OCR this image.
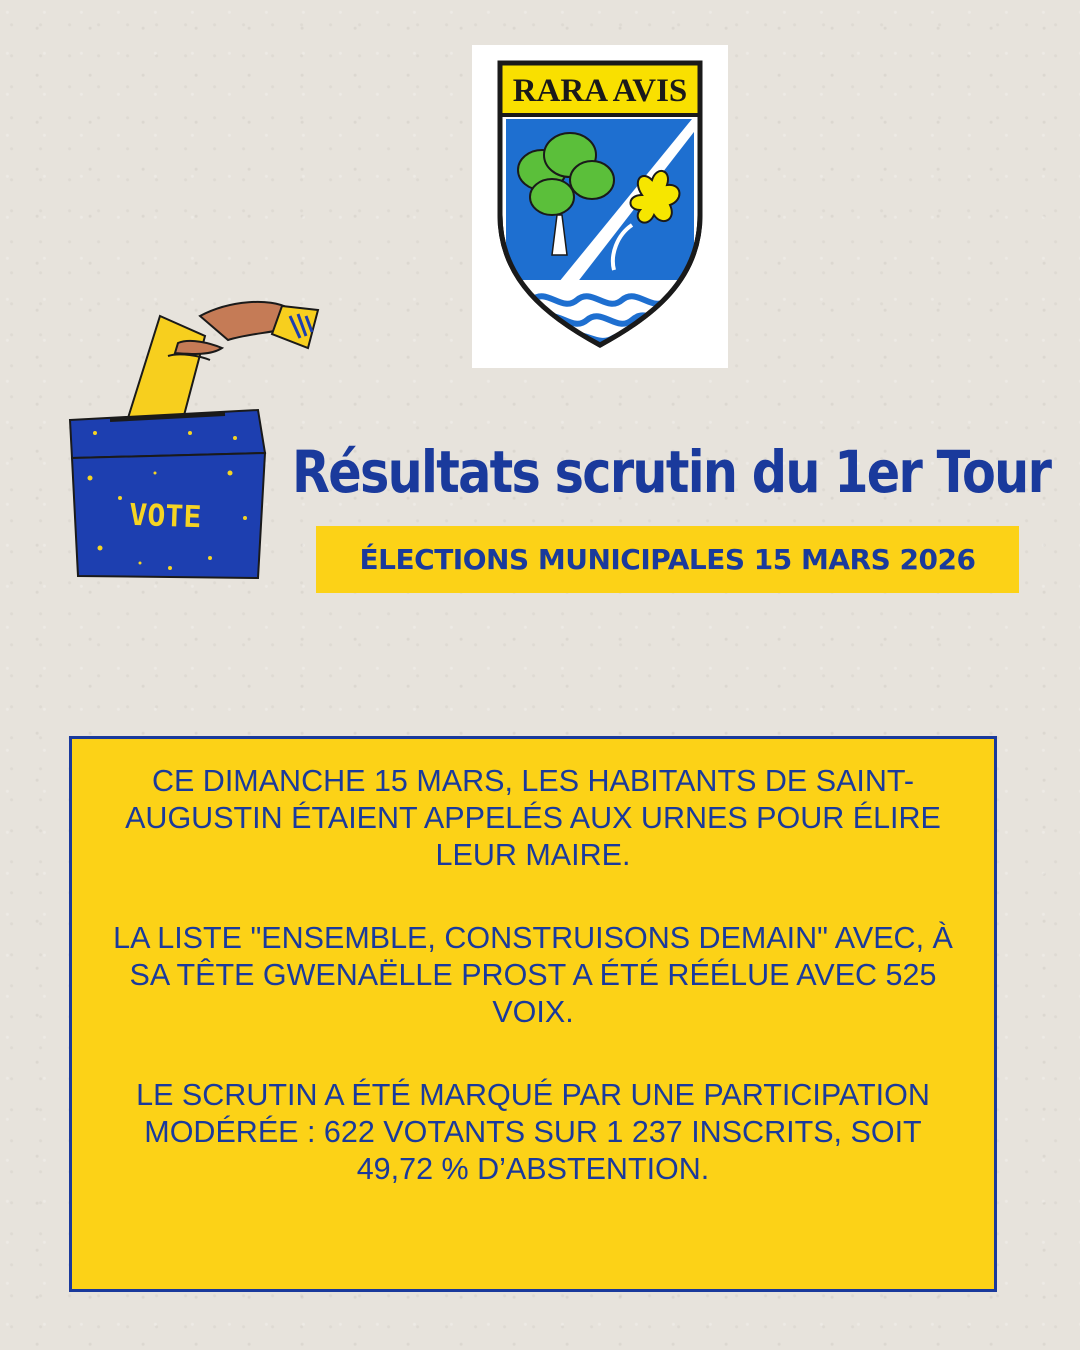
RARA AVIS
VOTE
Résultats scrutin du 1er Tour
ÉLECTIONS MUNICIPALES 15 MARS 2026

CE DIMANCHE 15 MARS, LES HABITANTS DE SAINT-AUGUSTIN ÉTAIENT APPELÉS AUX URNES POUR ÉLIRE LEUR MAIRE.

LA LISTE "ENSEMBLE, CONSTRUISONS DEMAIN" AVEC, À SA TÊTE GWENAËLLE PROST A ÉTÉ RÉÉLUE AVEC 525 VOIX.

LE SCRUTIN A ÉTÉ MARQUÉ PAR UNE PARTICIPATION MODÉRÉE : 622 VOTANTS SUR 1 237 INSCRITS, SOIT 49,72 % D’ABSTENTION.
